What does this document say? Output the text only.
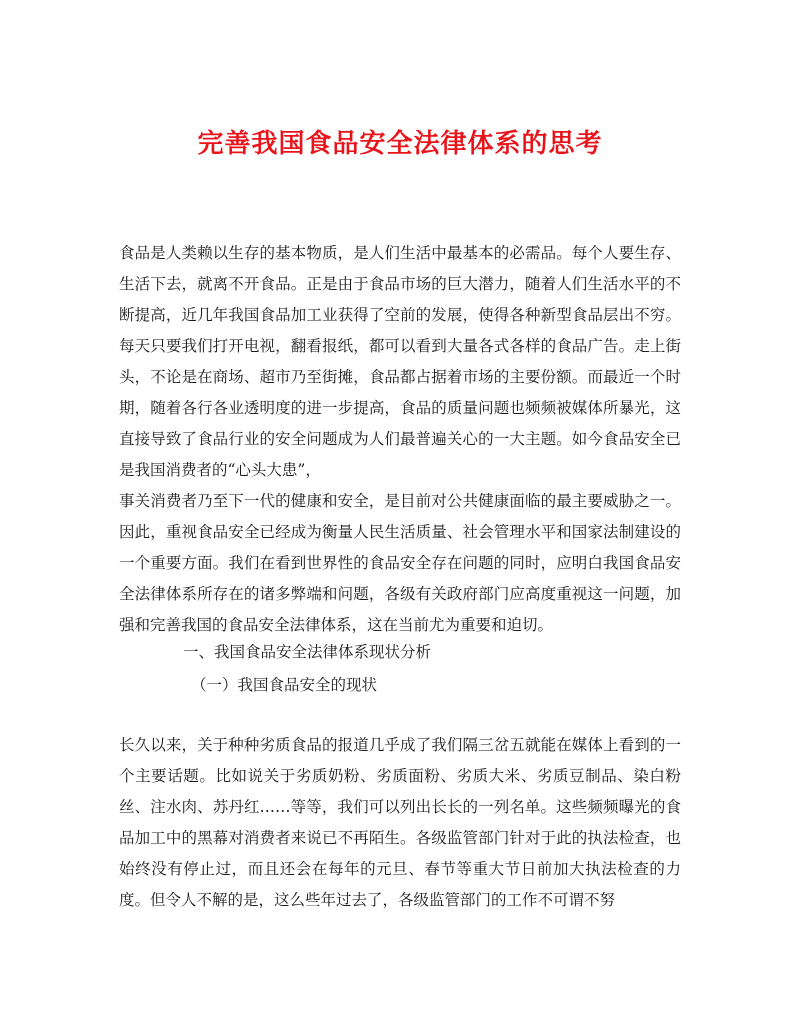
完善我国食品安全法律体系的思考

食品是人类赖以生存的基本物质，是人们生活中最基本的必需品。每个人要生存、生活下去，就离不开食品。正是由于食品市场的巨大潜力，随着人们生活水平的不断提高，近几年我国食品加工业获得了空前的发展，使得各种新型食品层出不穷。每天只要我们打开电视，翻看报纸，都可以看到大量各式各样的食品广告。走上街头，不论是在商场、超市乃至街摊，食品都占据着市场的主要份额。而最近一个时期，随着各行各业透明度的进一步提高，食品的质量问题也频频被媒体所暴光，这直接导致了食品行业的安全问题成为人们最普遍关心的一大主题。如今食品安全已是我国消费者的“心头大患”，

事关消费者乃至下一代的健康和安全，是目前对公共健康面临的最主要威胁之一。因此，重视食品安全已经成为衡量人民生活质量、社会管理水平和国家法制建设的一个重要方面。我们在看到世界性的食品安全存在问题的同时，应明白我国食品安全法律体系所存在的诸多弊端和问题，各级有关政府部门应高度重视这一问题，加强和完善我国的食品安全法律体系，这在当前尤为重要和迫切。

一、我国食品安全法律体系现状分析
（一）我国食品安全的现状

长久以来，关于种种劣质食品的报道几乎成了我们隔三岔五就能在媒体上看到的一个主要话题。比如说关于劣质奶粉、劣质面粉、劣质大米、劣质豆制品、染白粉丝、注水肉、苏丹红……等等，我们可以列出长长的一列名单。这些频频曝光的食品加工中的黑幕对消费者来说已不再陌生。各级监管部门针对于此的执法检查，也始终没有停止过，而且还会在每年的元旦、春节等重大节日前加大执法检查的力度。但令人不解的是，这么些年过去了，各级监管部门的工作不可谓不努
